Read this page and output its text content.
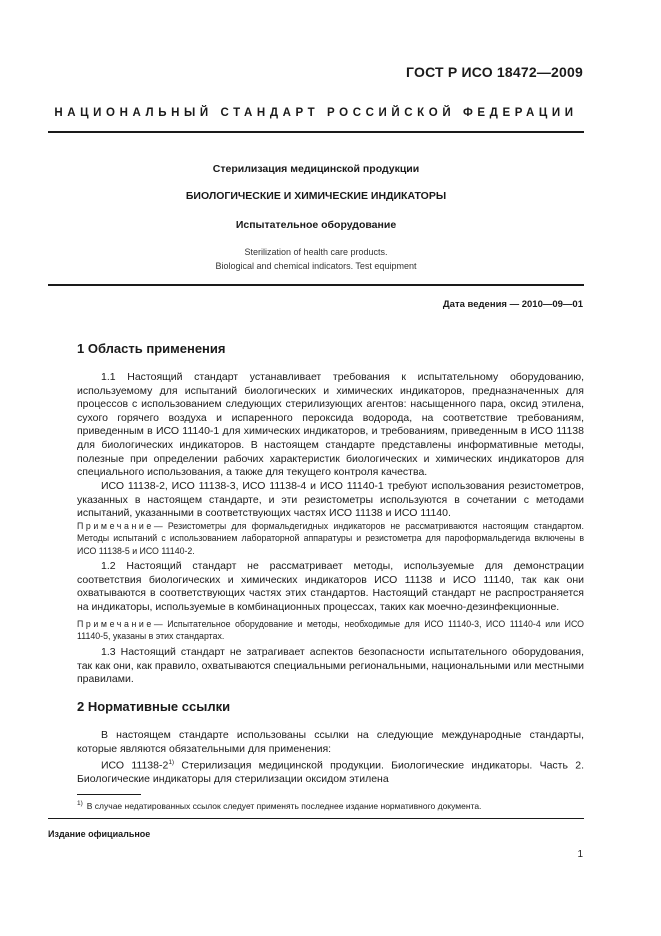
ГОСТ Р ИСО 18472—2009
НАЦИОНАЛЬНЫЙ СТАНДАРТ РОССИЙСКОЙ ФЕДЕРАЦИИ
Стерилизация медицинской продукции
БИОЛОГИЧЕСКИЕ И ХИМИЧЕСКИЕ ИНДИКАТОРЫ
Испытательное оборудование
Sterilization of health care products.
Biological and chemical indicators. Test equipment
Дата ведения — 2010—09—01
1 Область применения
1.1 Настоящий стандарт устанавливает требования к испытательному оборудованию, используемому для испытаний биологических и химических индикаторов, предназначенных для процессов с использованием следующих стерилизующих агентов: насыщенного пара, оксид этилена, сухого горячего воздуха и испаренного пероксида водорода, на соответствие требованиям, приведенным в ИСО 11140-1 для химических индикаторов, и требованиям, приведенным в ИСО 11138 для биологических индикаторов. В настоящем стандарте представлены информативные методы, полезные при определении рабочих характеристик биологических и химических индикаторов для специального использования, а также для текущего контроля качества.
ИСО 11138-2, ИСО 11138-3, ИСО 11138-4 и ИСО 11140-1 требуют использования резистометров, указанных в настоящем стандарте, и эти резистометры используются в сочетании с методами испытаний, указанными в соответствующих частях ИСО 11138 и ИСО 11140.
Примечание— Резистометры для формальдегидных индикаторов не рассматриваются настоящим стандартом. Методы испытаний с использованием лабораторной аппаратуры и резистометра для пароформальдегида включены в ИСО 11138-5 и ИСО 11140-2.
1.2 Настоящий стандарт не рассматривает методы, используемые для демонстрации соответствия биологических и химических индикаторов ИСО 11138 и ИСО 11140, так как они охватываются в соответствующих частях этих стандартов. Настоящий стандарт не распространяется на индикаторы, используемые в комбинационных процессах, таких как моечно-дезинфекционные.
Примечание— Испытательное оборудование и методы, необходимые для ИСО 11140-3, ИСО 11140-4 или ИСО 11140-5, указаны в этих стандартах.
1.3 Настоящий стандарт не затрагивает аспектов безопасности испытательного оборудования, так как они, как правило, охватываются специальными региональными, национальными или местными правилами.
2 Нормативные ссылки
В настоящем стандарте использованы ссылки на следующие международные стандарты, которые являются обязательными для применения:
ИСО 11138-2$^{1)}$ Стерилизация медицинской продукции. Биологические индикаторы. Часть 2. Биологические индикаторы для стерилизации оксидом этилена
$^{1)}$ В случае недатированных ссылок следует применять последнее издание нормативного документа.
Издание официальное
1
